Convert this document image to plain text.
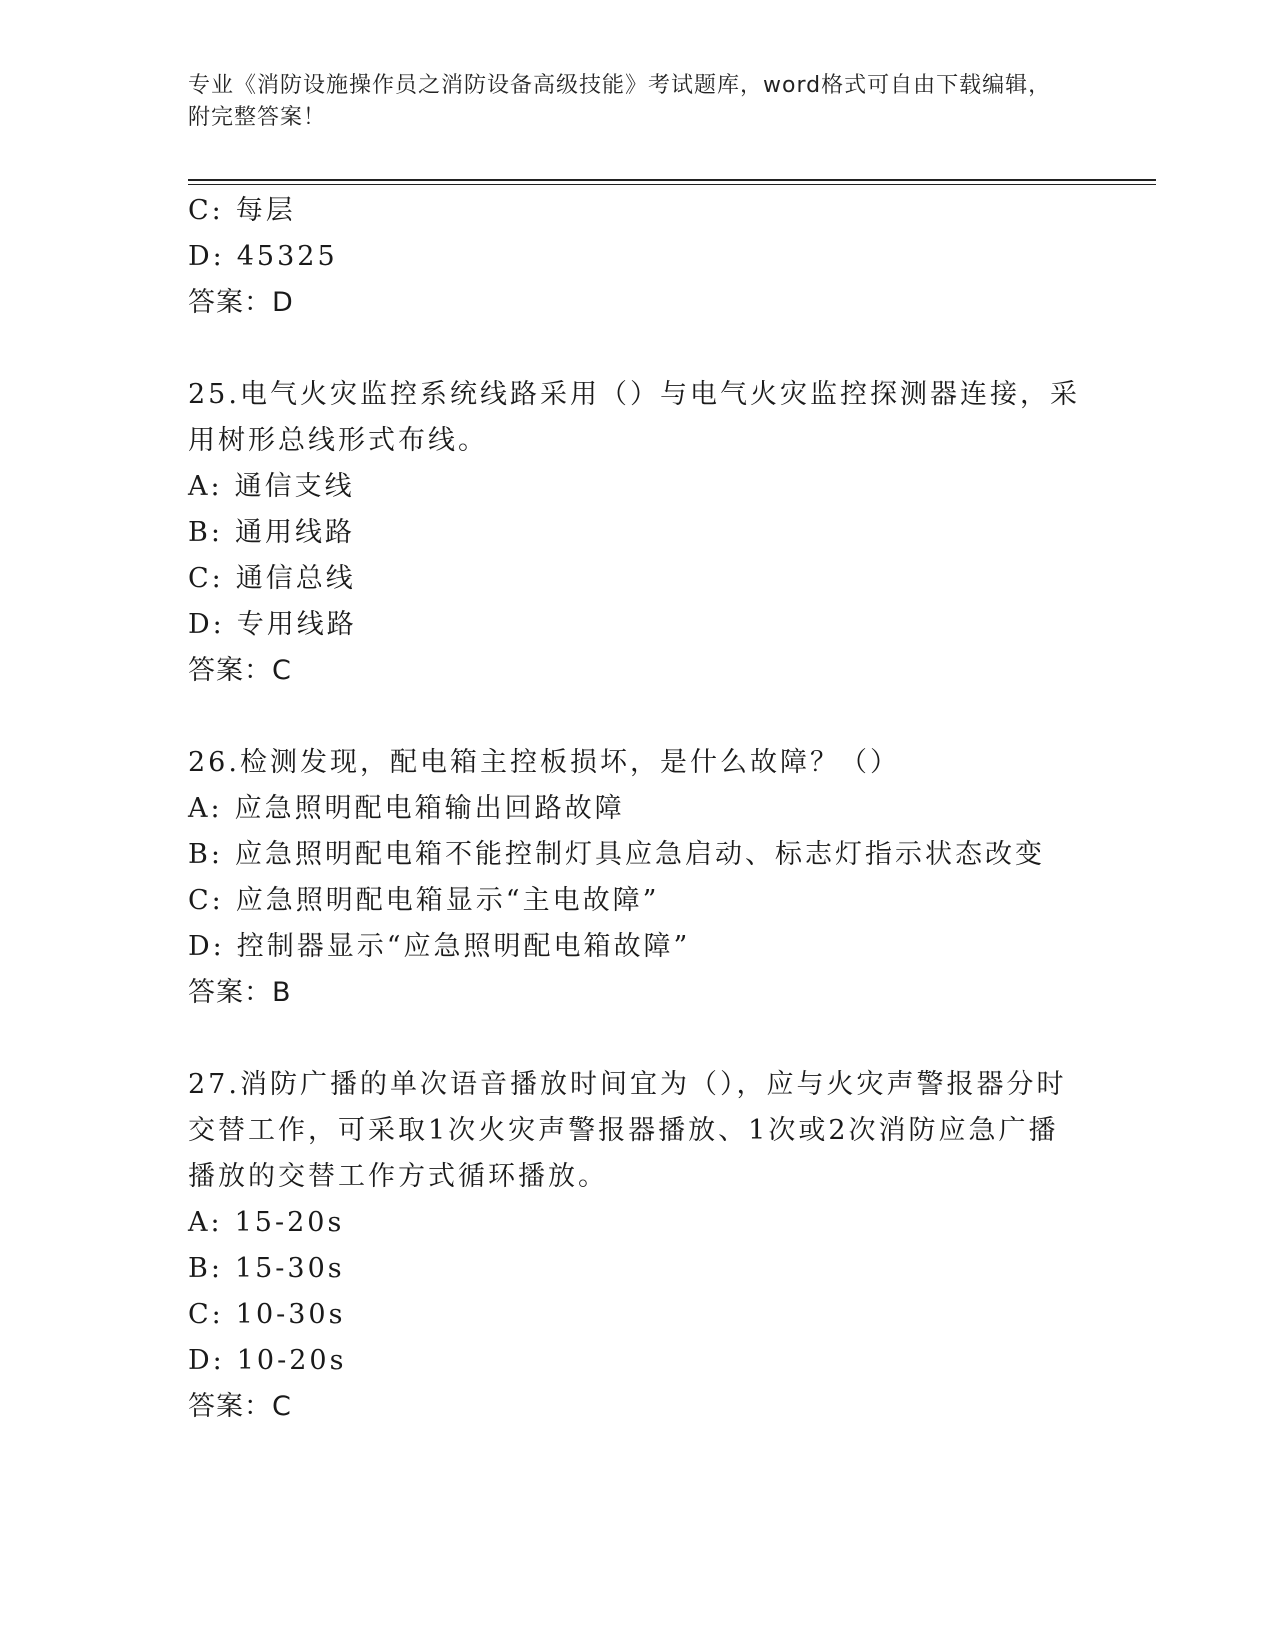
专业《消防设施操作员之消防设备高级技能》考试题库，word格式可自由下载编辑，附完整答案！
C: 每层
D: 45325
答案：D
25.电气火灾监控系统线路采用（）与电气火灾监控探测器连接，采用树形总线形式布线。
A: 通信支线
B: 通用线路
C: 通信总线
D: 专用线路
答案：C
26.检测发现，配电箱主控板损坏，是什么故障？（）
A: 应急照明配电箱输出回路故障
B: 应急照明配电箱不能控制灯具应急启动、标志灯指示状态改变
C: 应急照明配电箱显示“主电故障”
D: 控制器显示“应急照明配电箱故障”
答案：B
27.消防广播的单次语音播放时间宜为（），应与火灾声警报器分时交替工作，可采取1次火灾声警报器播放、1次或2次消防应急广播播放的交替工作方式循环播放。
A: 15-20s
B: 15-30s
C: 10-30s
D: 10-20s
答案：C
